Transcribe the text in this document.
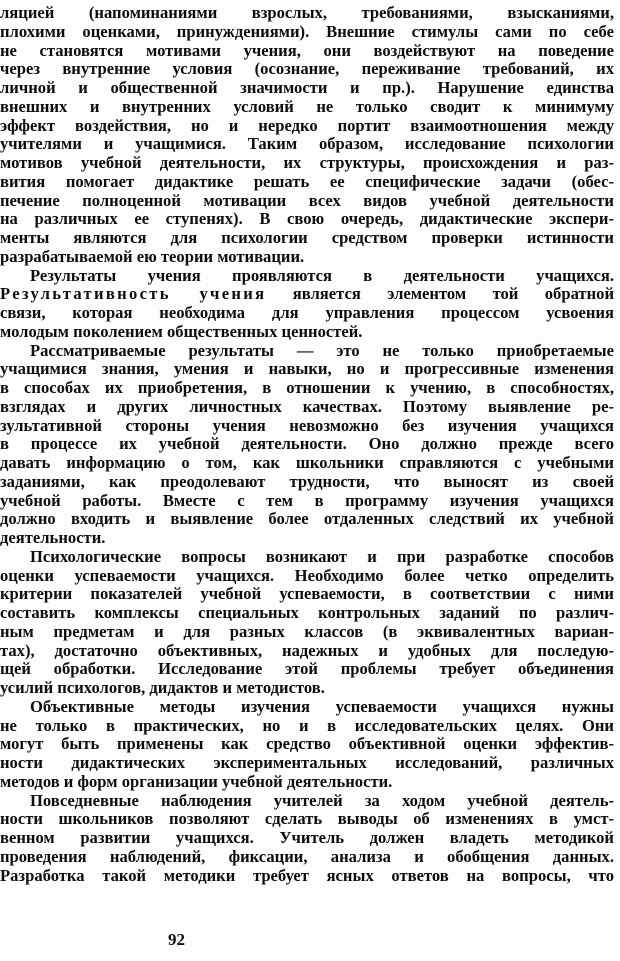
ляцией (напоминаниями взрослых, требованиями, взысканиями,
плохими оценками, принуждениями). Внешние стимулы сами по себе
не становятся мотивами учения, они воздействуют на поведение
через внутренние условия (осознание, переживание требований, их
личной и общественной значимости и пр.). Нарушение единства
внешних и внутренних условий не только сводит к минимуму
эффект воздействия, но и нередко портит взаимоотношения между
учителями и учащимися. Таким образом, исследование психологии
мотивов учебной деятельности, их структуры, происхождения и раз-
вития помогает дидактике решать ее специфические задачи (обес-
печение полноценной мотивации всех видов учебной деятельности
на различных ее ступенях). В свою очередь, дидактические экспери-
менты являются для психологии средством проверки истинности
разрабатываемой ею теории мотивации.
Результаты учения проявляются в деятельности учащихся.
Результативность учения является элементом той обратной
связи, которая необходима для управления процессом усвоения
молодым поколением общественных ценностей.
Рассматриваемые результаты — это не только приобретаемые
учащимися знания, умения и навыки, но и прогрессивные изменения
в способах их приобретения, в отношении к учению, в способностях,
взглядах и других личностных качествах. Поэтому выявление ре-
зультативной стороны учения невозможно без изучения учащихся
в процессе их учебной деятельности. Оно должно прежде всего
давать информацию о том, как школьники справляются с учебными
заданиями, как преодолевают трудности, что выносят из своей
учебной работы. Вместе с тем в программу изучения учащихся
должно входить и выявление более отдаленных следствий их учебной
деятельности.
Психологические вопросы возникают и при разработке способов
оценки успеваемости учащихся. Необходимо более четко определить
критерии показателей учебной успеваемости, в соответствии с ними
составить комплексы специальных контрольных заданий по различ-
ным предметам и для разных классов (в эквивалентных вариан-
тах), достаточно объективных, надежных и удобных для последую-
щей обработки. Исследование этой проблемы требует объединения
усилий психологов, дидактов и методистов.
Объективные методы изучения успеваемости учащихся нужны
не только в практических, но и в исследовательских целях. Они
могут быть применены как средство объективной оценки эффектив-
ности дидактических экспериментальных исследований, различных
методов и форм организации учебной деятельности.
Повседневные наблюдения учителей за ходом учебной деятель-
ности школьников позволяют сделать выводы об изменениях в умст-
венном развитии учащихся. Учитель должен владеть методикой
проведения наблюдений, фиксации, анализа и обобщения данных.
Разработка такой методики требует ясных ответов на вопросы, что
92
